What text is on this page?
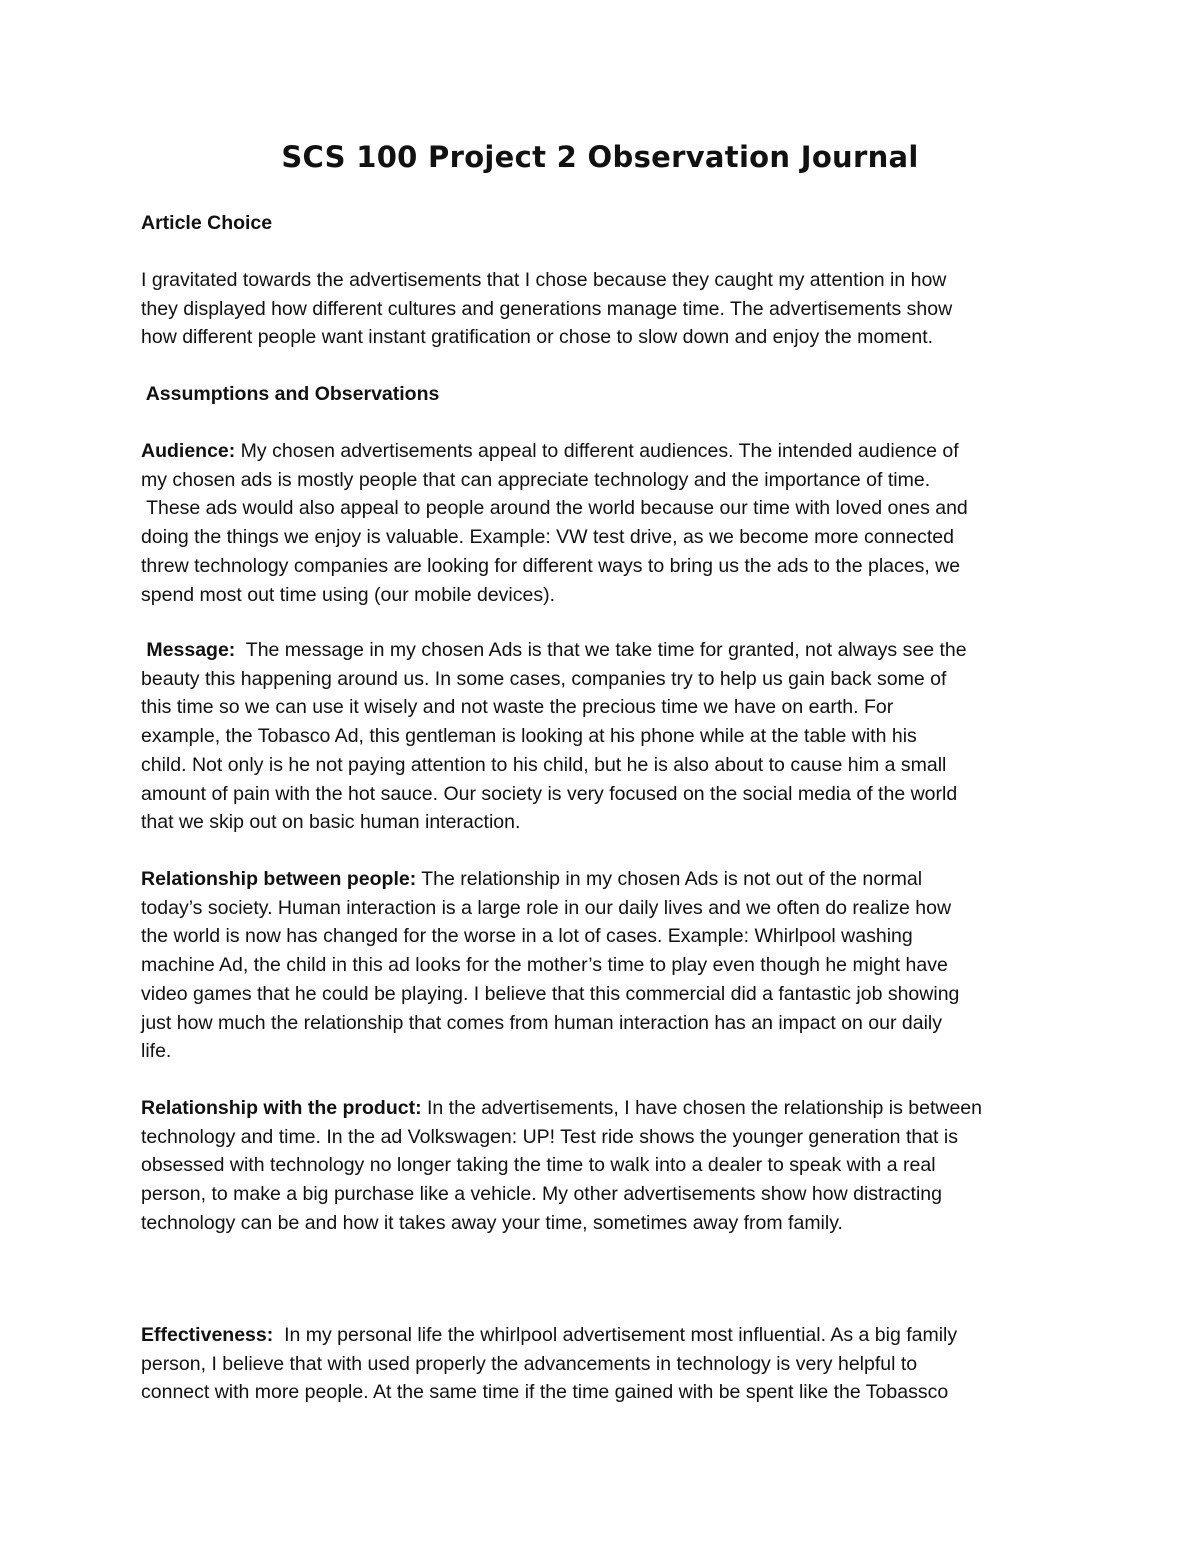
SCS 100 Project 2 Observation Journal
Article Choice
I gravitated towards the advertisements that I chose because they caught my attention in how
they displayed how different cultures and generations manage time. The advertisements show
how different people want instant gratification or chose to slow down and enjoy the moment.
Assumptions and Observations
Audience: My chosen advertisements appeal to different audiences. The intended audience of
my chosen ads is mostly people that can appreciate technology and the importance of time.
These ads would also appeal to people around the world because our time with loved ones and
doing the things we enjoy is valuable. Example: VW test drive, as we become more connected
threw technology companies are looking for different ways to bring us the ads to the places, we
spend most out time using (our mobile devices).
Message:  The message in my chosen Ads is that we take time for granted, not always see the
beauty this happening around us. In some cases, companies try to help us gain back some of
this time so we can use it wisely and not waste the precious time we have on earth. For
example, the Tobasco Ad, this gentleman is looking at his phone while at the table with his
child. Not only is he not paying attention to his child, but he is also about to cause him a small
amount of pain with the hot sauce. Our society is very focused on the social media of the world
that we skip out on basic human interaction.
Relationship between people: The relationship in my chosen Ads is not out of the normal
today’s society. Human interaction is a large role in our daily lives and we often do realize how
the world is now has changed for the worse in a lot of cases. Example: Whirlpool washing
machine Ad, the child in this ad looks for the mother’s time to play even though he might have
video games that he could be playing. I believe that this commercial did a fantastic job showing
just how much the relationship that comes from human interaction has an impact on our daily
life.
Relationship with the product: In the advertisements, I have chosen the relationship is between
technology and time. In the ad Volkswagen: UP! Test ride shows the younger generation that is
obsessed with technology no longer taking the time to walk into a dealer to speak with a real
person, to make a big purchase like a vehicle. My other advertisements show how distracting
technology can be and how it takes away your time, sometimes away from family.
Effectiveness:  In my personal life the whirlpool advertisement most influential. As a big family
person, I believe that with used properly the advancements in technology is very helpful to
connect with more people. At the same time if the time gained with be spent like the Tobassco
